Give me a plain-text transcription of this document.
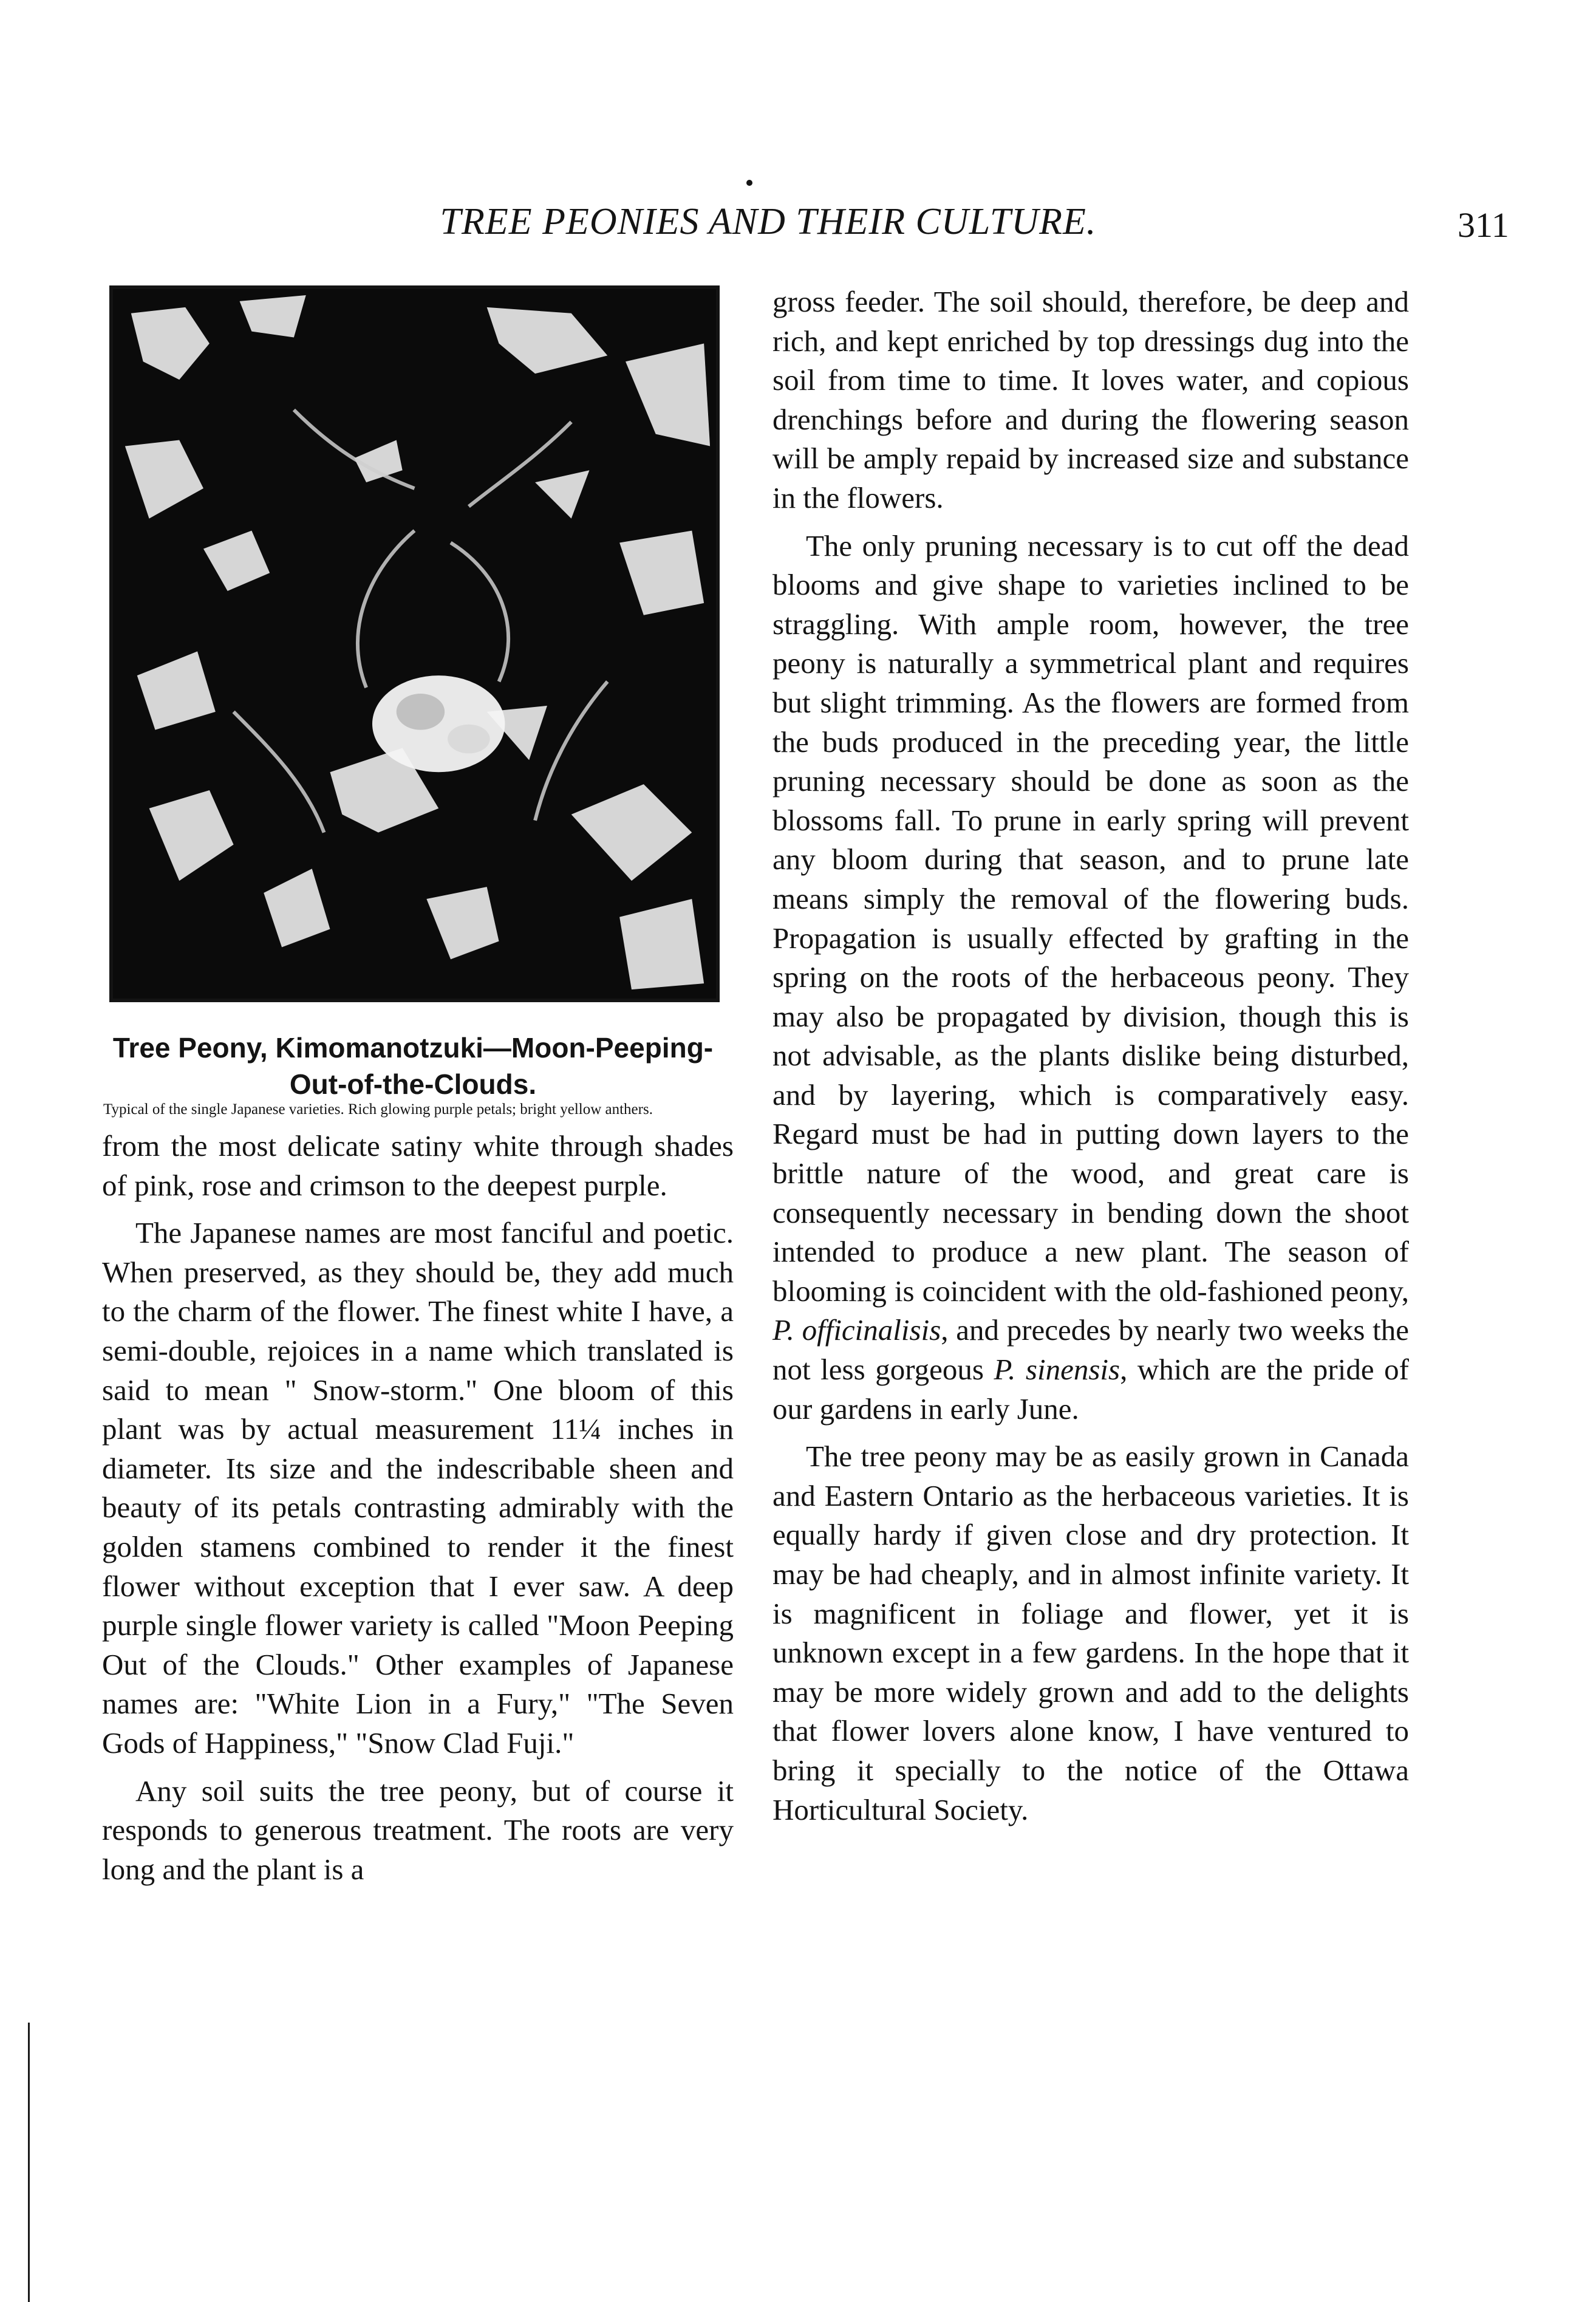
TREE PEONIES AND THEIR CULTURE.	311
Tree Peony, Kimomanotzuki—Moon-Peeping-Out-of-the-Clouds.
Typical of the single Japanese varieties. Rich glowing purple petals; bright yellow anthers.

from the most delicate satiny white through shades of pink, rose and crimson to the deepest purple.

The Japanese names are most fanciful and poetic. When preserved, as they should be, they add much to the charm of the flower. The finest white I have, a semi-double, rejoices in a name which translated is said to mean " Snow-storm." One bloom of this plant was by actual measurement 11¼ inches in diameter. Its size and the indescribable sheen and beauty of its petals contrasting admirably with the golden stamens combined to render it the finest flower without exception that I ever saw. A deep purple single flower variety is called "Moon Peeping Out of the Clouds." Other examples of Japanese names are: "White Lion in a Fury," "The Seven Gods of Happiness," "Snow Clad Fuji."

Any soil suits the tree peony, but of course it responds to generous treatment. The roots are very long and the plant is a

gross feeder. The soil should, therefore, be deep and rich, and kept enriched by top dressings dug into the soil from time to time. It loves water, and copious drenchings before and during the flowering season will be amply repaid by increased size and substance in the flowers.

The only pruning necessary is to cut off the dead blooms and give shape to varieties inclined to be straggling. With ample room, however, the tree peony is naturally a symmetrical plant and requires but slight trimming. As the flowers are formed from the buds produced in the preceding year, the little pruning necessary should be done as soon as the blossoms fall. To prune in early spring will prevent any bloom during that season, and to prune late means simply the removal of the flowering buds. Propagation is usually effected by grafting in the spring on the roots of the herbaceous peony. They may also be propagated by division, though this is not advisable, as the plants dislike being disturbed, and by layering, which is comparatively easy. Regard must be had in putting down layers to the brittle nature of the wood, and great care is consequently necessary in bending down the shoot intended to produce a new plant. The season of blooming is coincident with the old-fashioned peony, P. officinalisis, and precedes by nearly two weeks the not less gorgeous P. sinensis, which are the pride of our gardens in early June.

The tree peony may be as easily grown in Canada and Eastern Ontario as the herbaceous varieties. It is equally hardy if given close and dry protection. It may be had cheaply, and in almost infinite variety. It is magnificent in foliage and flower, yet it is unknown except in a few gardens. In the hope that it may be more widely grown and add to the delights that flower lovers alone know, I have ventured to bring it specially to the notice of the Ottawa Horticultural Society.
